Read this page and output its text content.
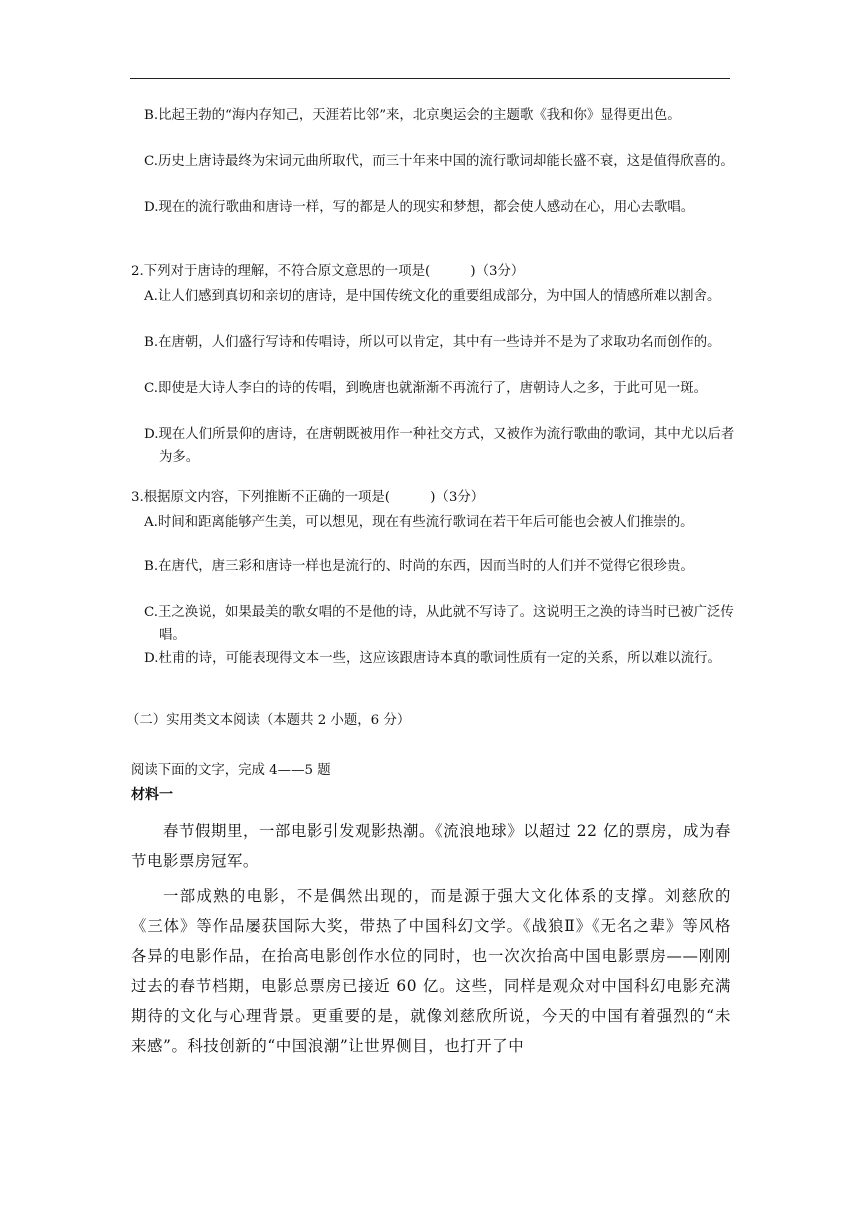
B.比起王勃的“海内存知己，天涯若比邻”来，北京奥运会的主题歌《我和你》显得更出色。
C.历史上唐诗最终为宋词元曲所取代，而三十年来中国的流行歌词却能长盛不衰，这是值得欣喜的。
D.现在的流行歌曲和唐诗一样，写的都是人的现实和梦想，都会使人感动在心，用心去歌唱。
2.下列对于唐诗的理解，不符合原文意思的一项是(　　　)（3分）
A.让人们感到真切和亲切的唐诗，是中国传统文化的重要组成部分，为中国人的情感所难以割舍。
B.在唐朝，人们盛行写诗和传唱诗，所以可以肯定，其中有一些诗并不是为了求取功名而创作的。
C.即使是大诗人李白的诗的传唱，到晚唐也就渐渐不再流行了，唐朝诗人之多，于此可见一斑。
D.现在人们所景仰的唐诗，在唐朝既被用作一种社交方式，又被作为流行歌曲的歌词，其中尤以后者为多。
3.根据原文内容，下列推断不正确的一项是(　　　)（3分）
A.时间和距离能够产生美，可以想见，现在有些流行歌词在若干年后可能也会被人们推崇的。
B.在唐代，唐三彩和唐诗一样也是流行的、时尚的东西，因而当时的人们并不觉得它很珍贵。
C.王之涣说，如果最美的歌女唱的不是他的诗，从此就不写诗了。这说明王之涣的诗当时已被广泛传唱。
D.杜甫的诗，可能表现得文本一些，这应该跟唐诗本真的歌词性质有一定的关系，所以难以流行。
（二）实用类文本阅读（本题共 2 小题，6 分）
阅读下面的文字，完成 4——5 题
材料一
春节假期里，一部电影引发观影热潮。《流浪地球》以超过 22 亿的票房，成为春节电影票房冠军。
一部成熟的电影，不是偶然出现的，而是源于强大文化体系的支撑。刘慈欣的《三体》等作品屡获国际大奖，带热了中国科幻文学。《战狼Ⅱ》《无名之辈》等风格各异的电影作品，在抬高电影创作水位的同时，也一次次抬高中国电影票房——刚刚过去的春节档期，电影总票房已接近 60 亿。这些，同样是观众对中国科幻电影充满期待的文化与心理背景。更重要的是，就像刘慈欣所说，今天的中国有着强烈的“未来感”。科技创新的“中国浪潮”让世界侧目，也打开了中
